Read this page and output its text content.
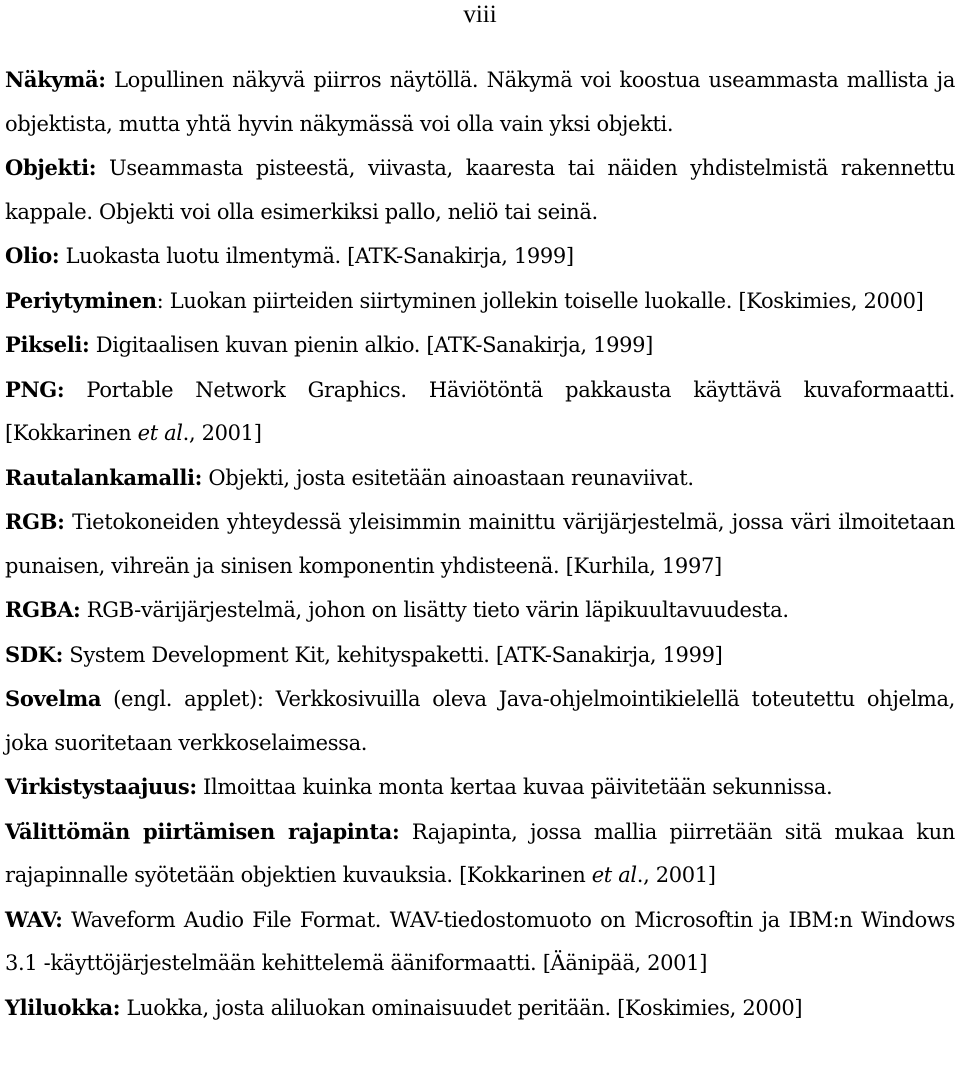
viii
Näkymä: Lopullinen näkyvä piirros näytöllä. Näkymä voi koostua useammasta mallista ja objektista, mutta yhtä hyvin näkymässä voi olla vain yksi objekti.
Objekti: Useammasta pisteestä, viivasta, kaaresta tai näiden yhdistelmistä rakennettu kappale. Objekti voi olla esimerkiksi pallo, neliö tai seinä.
Olio: Luokasta luotu ilmentymä. [ATK-Sanakirja, 1999]
Periytyminen: Luokan piirteiden siirtyminen jollekin toiselle luokalle. [Koskimies, 2000]
Pikseli: Digitaalisen kuvan pienin alkio. [ATK-Sanakirja, 1999]
PNG: Portable Network Graphics. Häviötöntä pakkausta käyttävä kuvaformaatti. [Kokkarinen et al., 2001]
Rautalankamalli: Objekti, josta esitetään ainoastaan reunaviivat.
RGB: Tietokoneiden yhteydessä yleisimmin mainittu värijärjestelmä, jossa väri ilmoitetaan punaisen, vihreän ja sinisen komponentin yhdisteenä. [Kurhila, 1997]
RGBA: RGB-värijärjestelmä, johon on lisätty tieto värin läpikuultavuudesta.
SDK: System Development Kit, kehityspaketti. [ATK-Sanakirja, 1999]
Sovelma (engl. applet): Verkkosivuilla oleva Java-ohjelmointikielellä toteutettu ohjelma, joka suoritetaan verkkoselaimessa.
Virkistystaajuus: Ilmoittaa kuinka monta kertaa kuvaa päivitetään sekunnissa.
Välittömän piirtämisen rajapinta: Rajapinta, jossa mallia piirretään sitä mukaa kun rajapinnalle syötetään objektien kuvauksia. [Kokkarinen et al., 2001]
WAV: Waveform Audio File Format. WAV-tiedostomuoto on Microsoftin ja IBM:n Windows 3.1 -käyttöjärjestelmään kehittelemä ääniformaatti. [Äänipää, 2001]
Yliluokka: Luokka, josta aliluokan ominaisuudet peritään. [Koskimies, 2000]
